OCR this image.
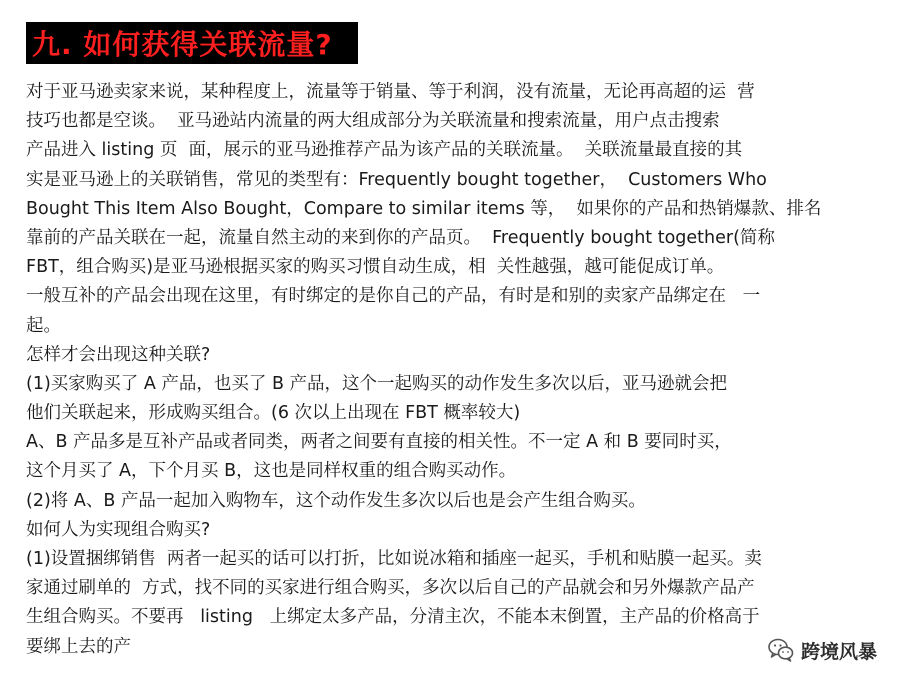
九. 如何获得关联流量?
对于亚马逊卖家来说，某种程度上，流量等于销量、等于利润，没有流量，无论再高超的运  营
技巧也都是空谈。  亚马逊站内流量的两大组成部分为关联流量和搜索流量，用户点击搜索
产品进入 listing 页  面，展示的亚马逊推荐产品为该产品的关联流量。  关联流量最直接的其
实是亚马逊上的关联销售，常见的类型有：Frequently bought together，  Customers Who
Bought This Item Also Bought，Compare to similar items 等，  如果你的产品和热销爆款、排名
靠前的产品关联在一起，流量自然主动的来到你的产品页。  Frequently bought together(简称
FBT，组合购买)是亚马逊根据买家的购买习惯自动生成，相  关性越强，越可能促成订单。
一般互补的产品会出现在这里，有时绑定的是你自己的产品，有时是和别的卖家产品绑定在   一
起。
怎样才会出现这种关联?
(1)买家购买了 A 产品，也买了 B 产品，这个一起购买的动作发生多次以后，亚马逊就会把
他们关联起来，形成购买组合。(6 次以上出现在 FBT 概率较大)
A、B 产品多是互补产品或者同类，两者之间要有直接的相关性。不一定 A 和 B 要同时买，
这个月买了 A，下个月买 B，这也是同样权重的组合购买动作。
(2)将 A、B 产品一起加入购物车，这个动作发生多次以后也是会产生组合购买。
如何人为实现组合购买?
(1)设置捆绑销售  两者一起买的话可以打折，比如说冰箱和插座一起买，手机和贴膜一起买。卖
家通过刷单的  方式，找不同的买家进行组合购买，多次以后自己的产品就会和另外爆款产品产
生组合购买。不要再   listing   上绑定太多产品，分清主次，不能本末倒置，主产品的价格高于
要绑上去的产	跨境风暴
